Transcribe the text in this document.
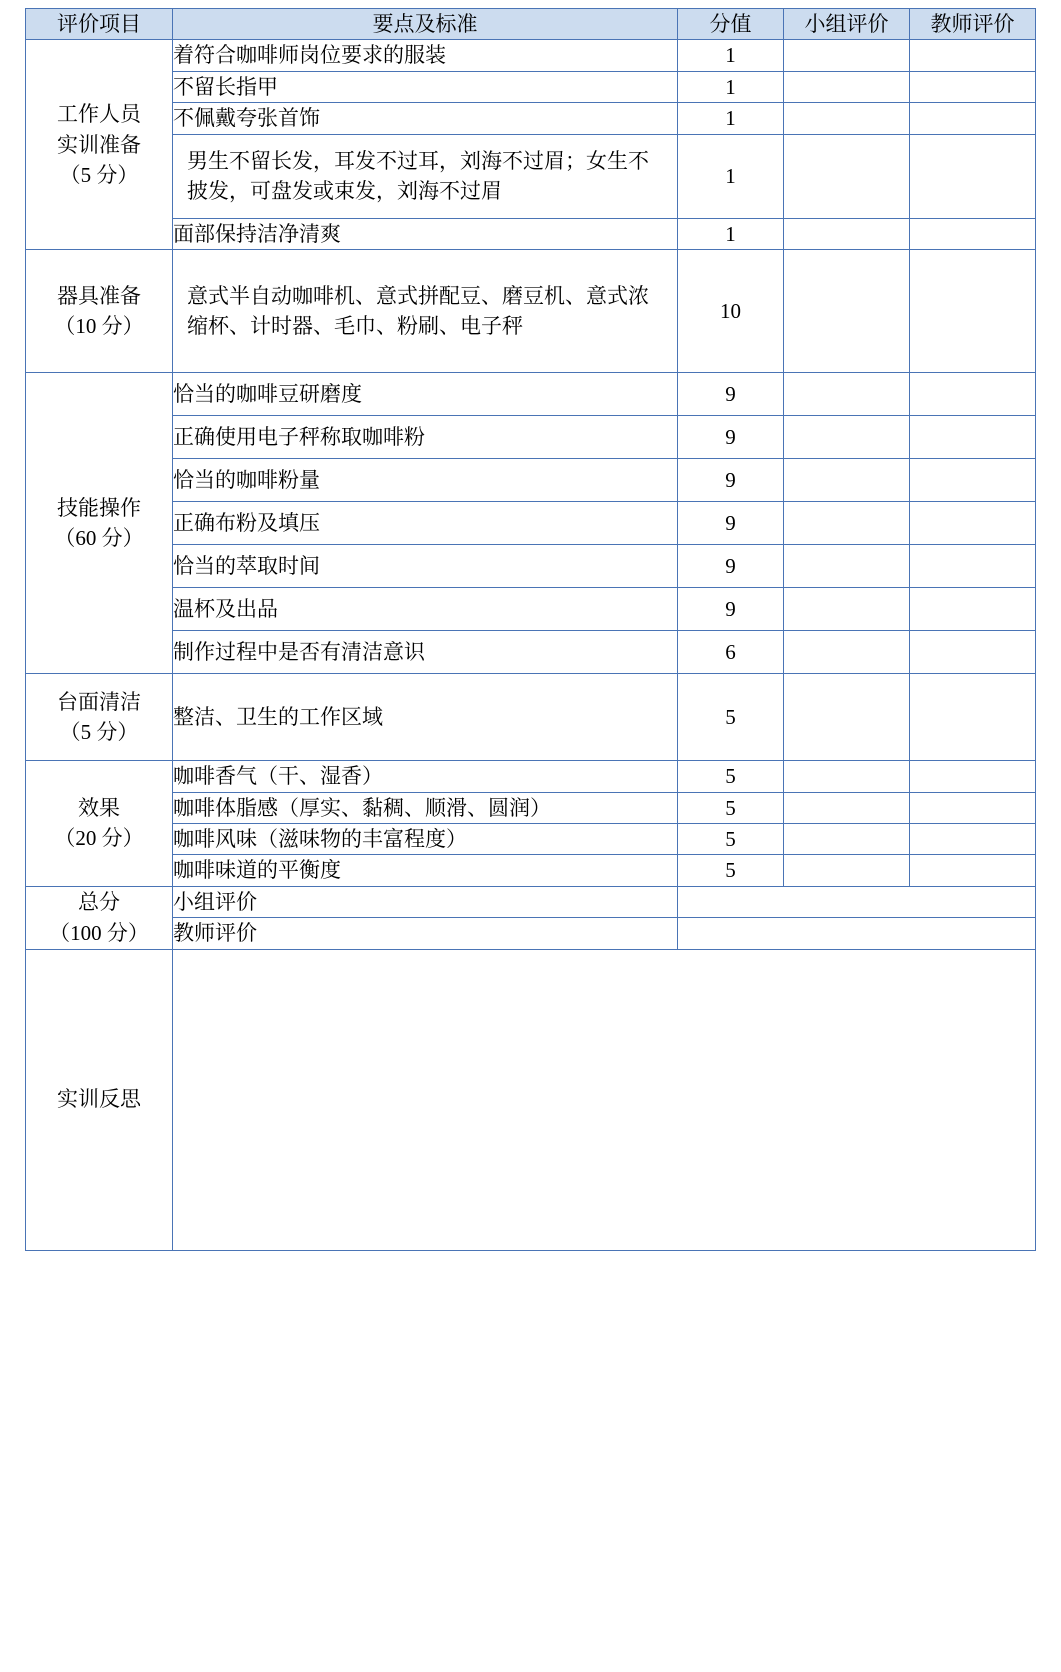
评价项目	要点及标准	分值	小组评价	教师评价

工作人员
实训准备
（5 分）	着符合咖啡师岗位要求的服装	1		
	不留长指甲	1		
	不佩戴夸张首饰	1		
	男生不留长发，耳发不过耳，刘海不过眉；女生不披发，可盘发或束发，刘海不过眉	1		
	面部保持洁净清爽	1		

器具准备
（10 分）	意式半自动咖啡机、意式拼配豆、磨豆机、意式浓缩杯、计时器、毛巾、粉刷、电子秤	10		

技能操作
（60 分）	恰当的咖啡豆研磨度	9		
	正确使用电子秤称取咖啡粉	9		
	恰当的咖啡粉量	9		
	正确布粉及填压	9		
	恰当的萃取时间	9		
	温杯及出品	9		
	制作过程中是否有清洁意识	6		

台面清洁
（5 分）	整洁、卫生的工作区域	5		

效果
（20 分）	咖啡香气（干、湿香）	5		
	咖啡体脂感（厚实、黏稠、顺滑、圆润）	5		
	咖啡风味（滋味物的丰富程度）	5		
	咖啡味道的平衡度	5		
总分 （100 分）	小组评价			
	教师评价			
实训反思				
